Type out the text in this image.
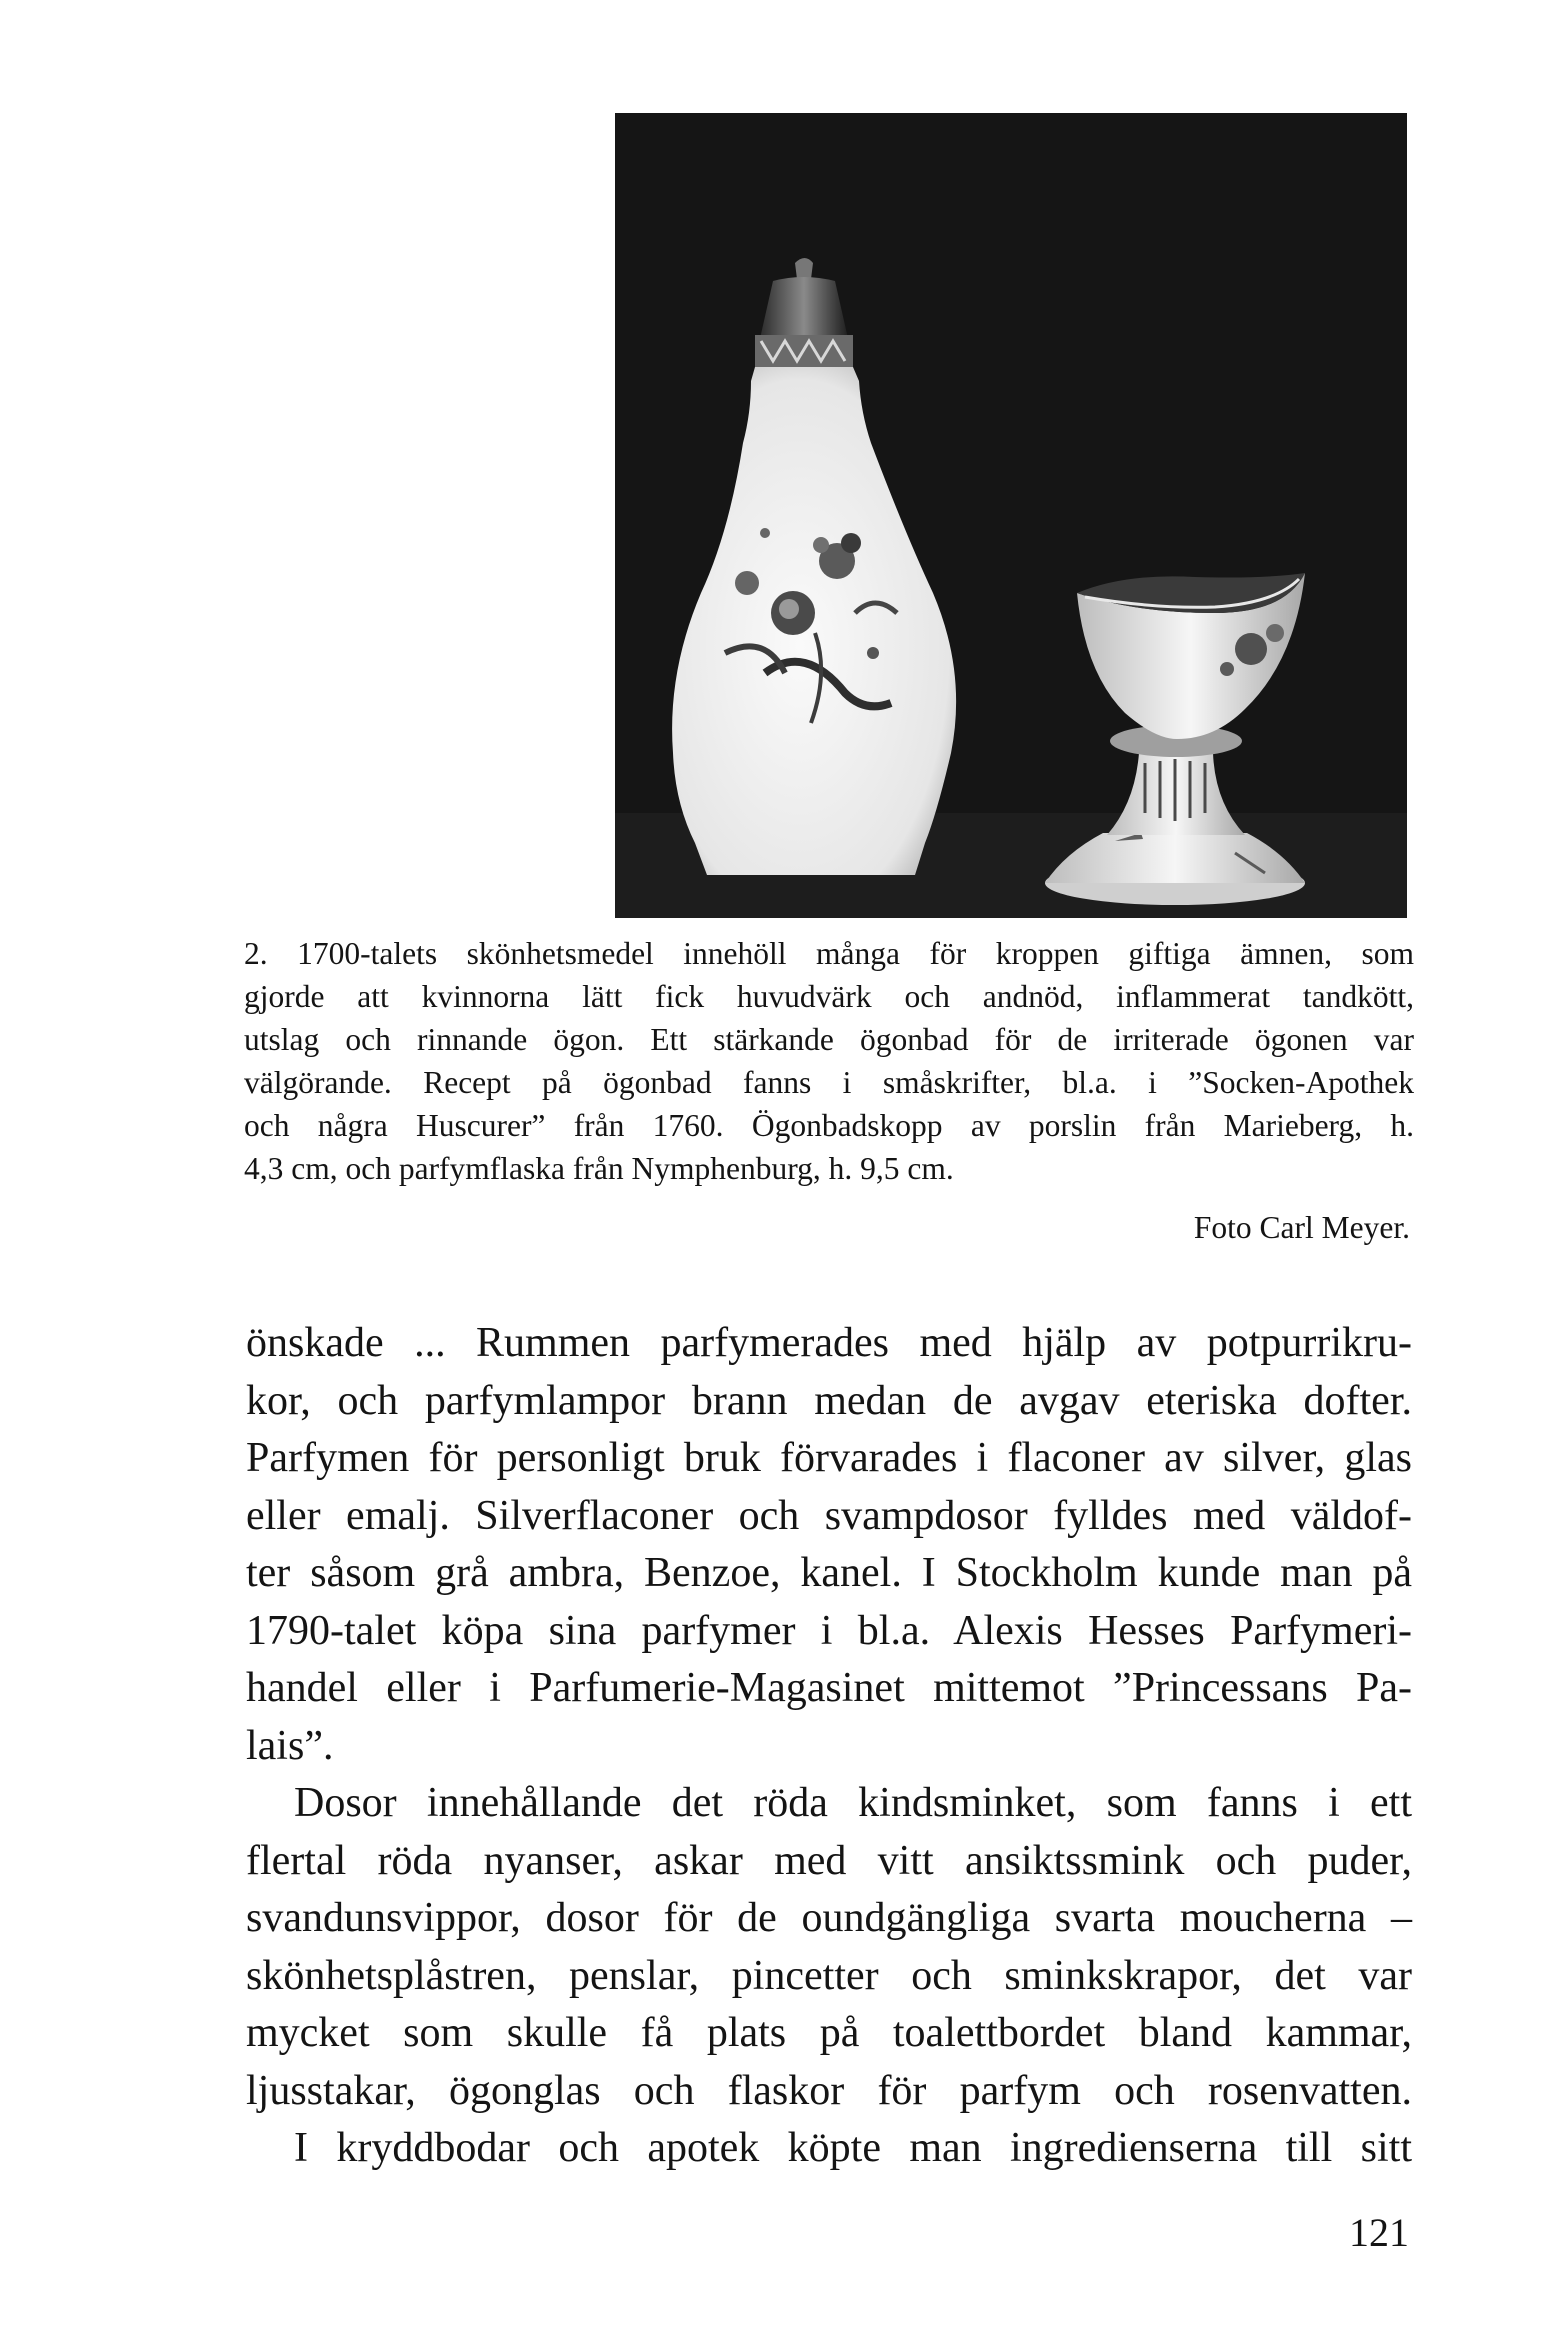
2. 1700-talets skönhetsmedel innehöll många för kroppen giftiga ämnen, som
gjorde att kvinnorna lätt fick huvudvärk och andnöd, inflammerat tandkött,
utslag och rinnande ögon. Ett stärkande ögonbad för de irriterade ögonen var
välgörande. Recept på ögonbad fanns i småskrifter, bl.a. i ”Socken-Apothek
och några Huscurer” från 1760. Ögonbadskopp av porslin från Marieberg, h.
4,3 cm, och parfymflaska från Nymphenburg, h. 9,5 cm.
Foto Carl Meyer.
önskade ... Rummen parfymerades med hjälp av potpurrikru-
kor, och parfymlampor brann medan de avgav eteriska dofter.
Parfymen för personligt bruk förvarades i flaconer av silver, glas
eller emalj. Silverflaconer och svampdosor fylldes med väldof-
ter såsom grå ambra, Benzoe, kanel. I Stockholm kunde man på
1790-talet köpa sina parfymer i bl.a. Alexis Hesses Parfymeri-
handel eller i Parfumerie-Magasinet mittemot ”Princessans Pa-
lais”.
Dosor innehållande det röda kindsminket, som fanns i ett
flertal röda nyanser, askar med vitt ansiktssmink och puder,
svandunsvippor, dosor för de oundgängliga svarta moucherna –
skönhetsplåstren, penslar, pincetter och sminkskrapor, det var
mycket som skulle få plats på toalettbordet bland kammar,
ljusstakar, ögonglas och flaskor för parfym och rosenvatten.
I kryddbodar och apotek köpte man ingredienserna till sitt
121
